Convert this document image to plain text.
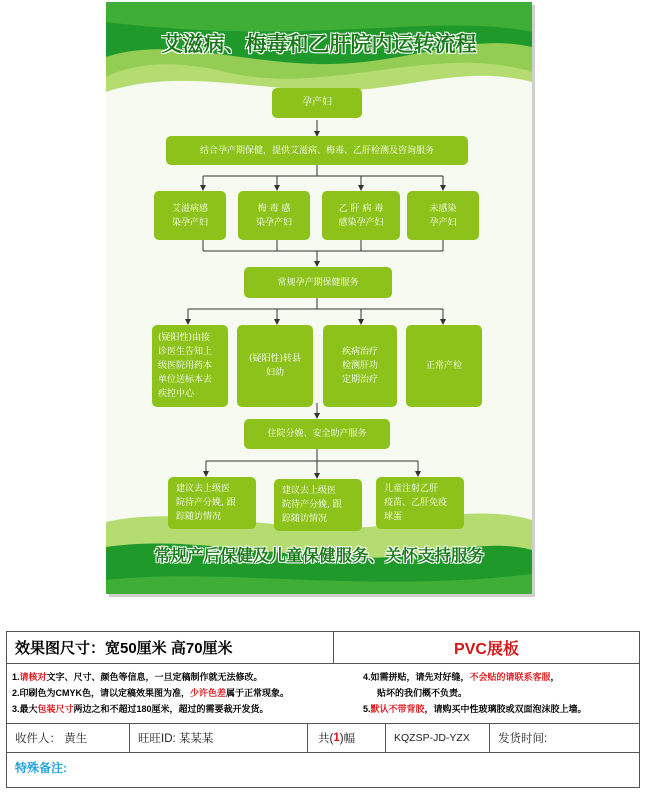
艾滋病、梅毒和乙肝院内运转流程
孕产妇
结合孕产期保健，提供艾滋病、梅毒、乙肝检测及咨询服务
艾滋病感
染孕产妇
梅 毒 感
染孕产妇
乙 肝 病 毒
感染孕产妇
未感染
孕产妇
常规孕产期保健服务
(疑阳性)由接
诊医生告知上
级医院用药本
单位送标本去
疾控中心
(疑阳性)转县
妇幼
疾病治疗
检测肝功
定期治疗
正常产检
住院分娩、安全助产服务
建议去上级医
院待产分娩, 跟
踪随访情况
建议去上级医
院待产分娩, 跟
踪随访情况
儿童注射乙肝
疫苗、乙肝免疫
球蛋
常规产后保健及儿童保健服务、关怀支持服务
效果图尺寸：宽50厘米 高70厘米	PVC展板
1.请核对文字、尺寸、颜色等信息，一旦定稿制作就无法修改。
2.印刷色为CMYK色，请以定稿效果图为准，少许色差属于正常现象。
3.最大包装尺寸两边之和不超过180厘米，超过的需要裁开发货。
4.如需拼贴，请先对好缝，不会贴的请联系客服，
贴坏的我们概不负责。
5.默认不带背胶，请购买中性玻璃胶或双面泡沫胶上墙。
收件人： 黄生	旺旺ID: 某某某	共( 1 )幅	KQZSP-JD-YZX	发货时间:
特殊备注:
